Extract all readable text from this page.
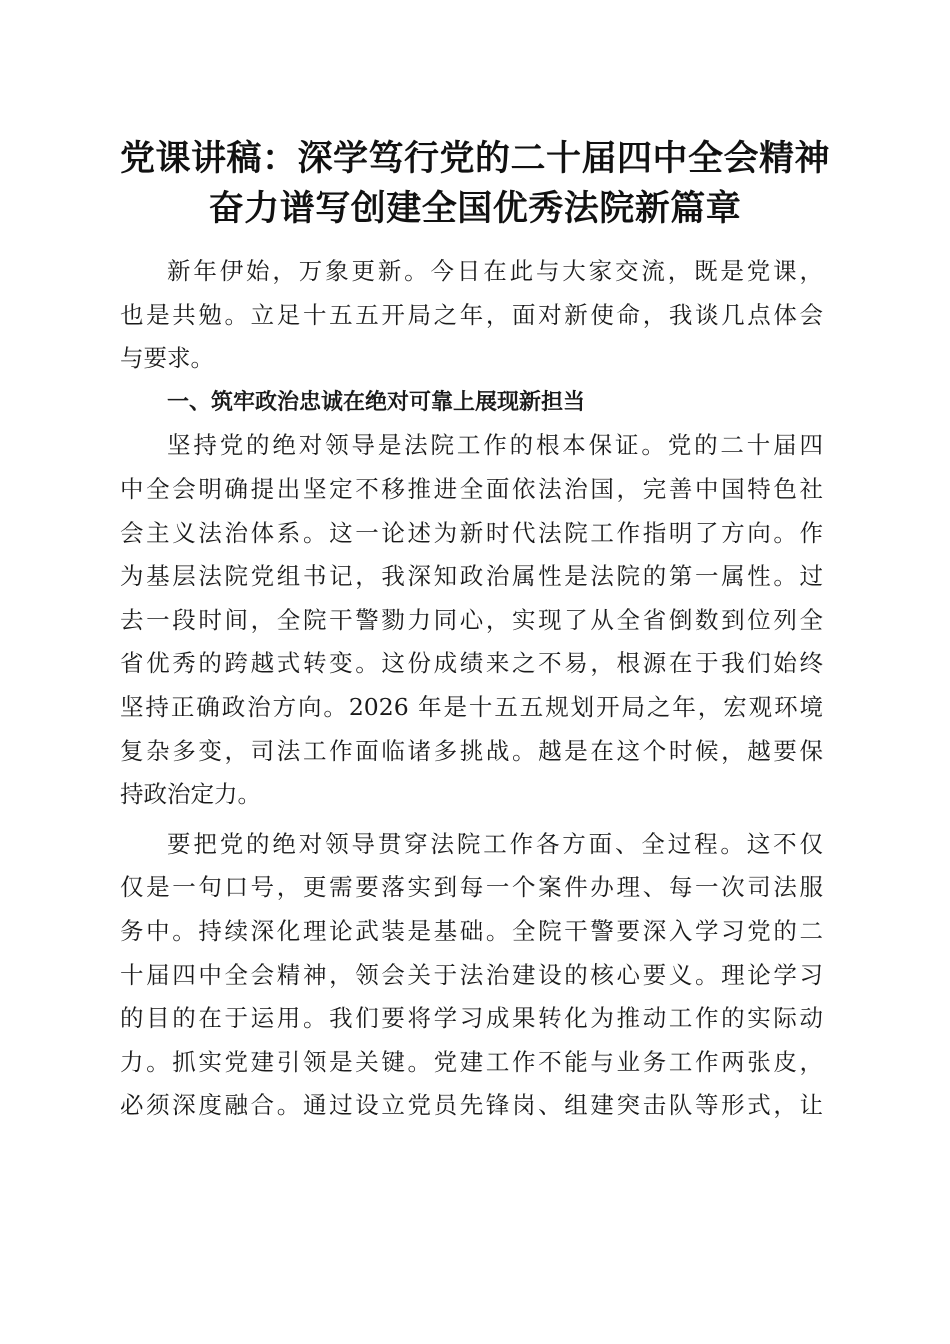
党课讲稿：深学笃行党的二十届四中全会精神
奋力谱写创建全国优秀法院新篇章
新年伊始，万象更新。今日在此与大家交流，既是党课，
也是共勉。立足十五五开局之年，面对新使命，我谈几点体会
与要求。
一、筑牢政治忠诚在绝对可靠上展现新担当
坚持党的绝对领导是法院工作的根本保证。党的二十届四
中全会明确提出坚定不移推进全面依法治国，完善中国特色社
会主义法治体系。这一论述为新时代法院工作指明了方向。作
为基层法院党组书记，我深知政治属性是法院的第一属性。过
去一段时间，全院干警勠力同心，实现了从全省倒数到位列全
省优秀的跨越式转变。这份成绩来之不易，根源在于我们始终
坚持正确政治方向。2026 年是十五五规划开局之年，宏观环境
复杂多变，司法工作面临诸多挑战。越是在这个时候，越要保
持政治定力。
要把党的绝对领导贯穿法院工作各方面、全过程。这不仅
仅是一句口号，更需要落实到每一个案件办理、每一次司法服
务中。持续深化理论武装是基础。全院干警要深入学习党的二
十届四中全会精神，领会关于法治建设的核心要义。理论学习
的目的在于运用。我们要将学习成果转化为推动工作的实际动
力。抓实党建引领是关键。党建工作不能与业务工作两张皮，
必须深度融合。通过设立党员先锋岗、组建突击队等形式，让
